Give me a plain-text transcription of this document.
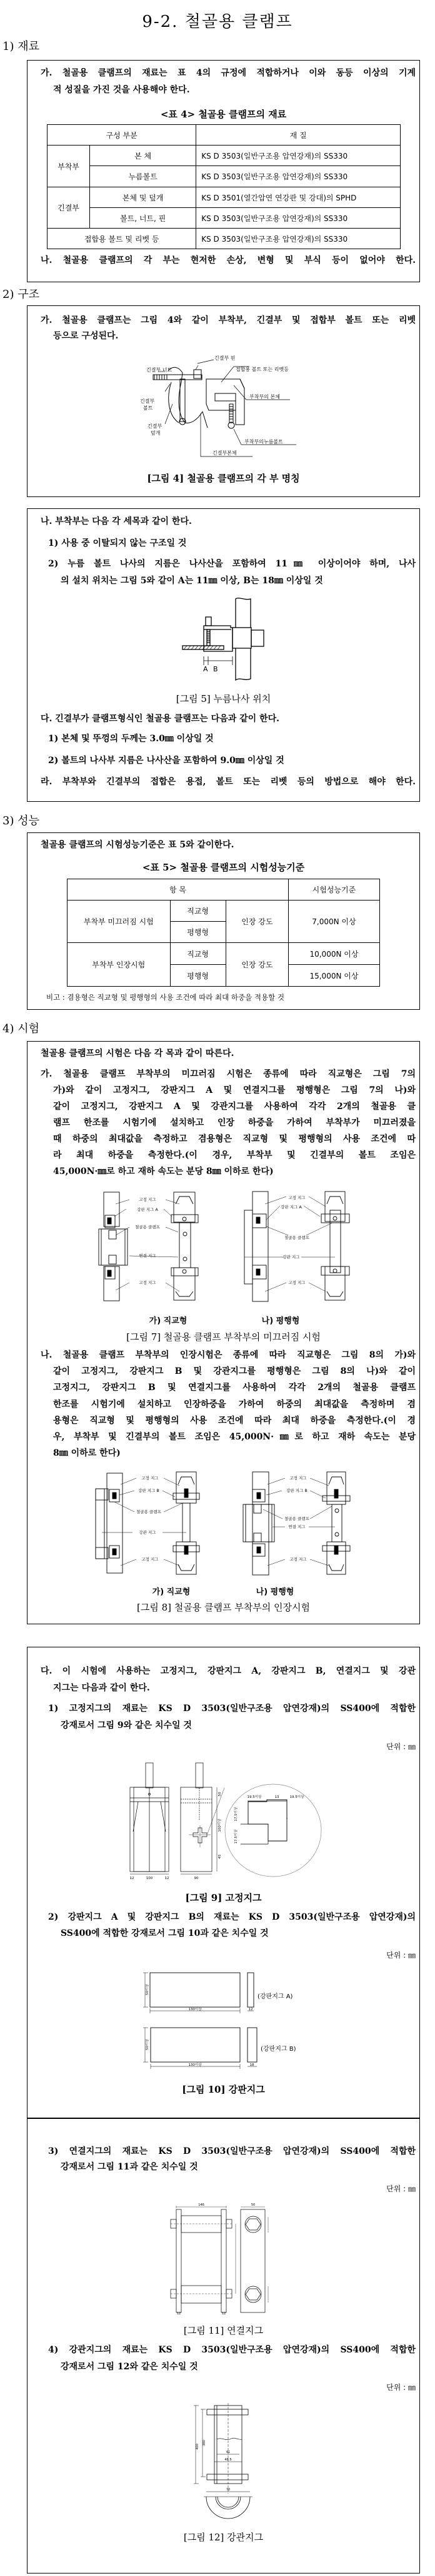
9-2. 철골용 클램프
1) 재료
2) 구조
3) 성능
4) 시험
가. 철골용 클램프의 재료는 표 4의 규정에 적합하거나 이와 동등 이상의 기계
적 성질을 가진 것을 사용해야 한다.
<표 4> 철골용 클램프의 재료
구성 부분		재 질
부착부	본 체	KS D 3503(일반구조용 압연강재)의 SS330
	누름볼트	KS D 3503(일반구조용 압연강재)의 SS330
긴결부	본체 및 덮개	KS D 3501(열간압연 연강판 및 강대)의 SPHD
	볼트, 너트, 핀	KS D 3503(일반구조용 압연강재)의 SS330
접합용 볼트 및 리벳 등		KS D 3503(일반구조용 압연강재)의 SS330
나. 철골용 클램프의 각 부는 현저한 손상, 변형 및 부식 등이 없어야 한다.
가. 철골용 클램프는 그림 4와 같이 부착부, 긴결부 및 접합부 볼트 또는 리벳
등으로 구성된다.
긴결부 핀
긴결부 너트	접합용 볼트 또는 리벳등
부착부의 본체
긴결부
볼트
긴결부
덮개
부착부의누름볼트
긴결부본체
[그림 4] 철골용 클램프의 각 부 명칭
나. 부착부는 다음 각 세목과 같이 한다.
1) 사용 중 이탈되지 않는 구조일 것
2) 누름 볼트 나사의 지름은 나사산을 포함하여 11㎜ 이상이어야 하며, 나사
의 설치 위치는 그림 5와 같이 A는 11㎜ 이상, B는 18㎜ 이상일 것
A B
[그림 5] 누름나사 위치
다. 긴결부가 클램프형식인 철골용 클램프는 다음과 같이 한다.
1) 본체 및 뚜껑의 두께는 3.0㎜ 이상일 것
2) 볼트의 나사부 지름은 나사산을 포함하여 9.0㎜ 이상일 것
라. 부착부와 긴결부의 접합은 용접, 볼트 또는 리벳 등의 방법으로 해야 한다.
철골용 클램프의 시험성능기준은 표 5와 같이한다.
<표 5> 철골용 클램프의 시험성능기준
항 목			시험성능기준
부착부 미끄러짐 시험	직교형	인장 강도	7,000N 이상
	평행형		
부착부 인장시험	직교형	인장 강도	10,000N 이상
	평행형		15,000N 이상
비고 : 겸용형은 직교형 및 평행형의 사용 조건에 따라 최대 하중을 적용할 것
철골용 클램프의 시험은 다음 각 목과 같이 따른다.
가. 철골용 클램프 부착부의 미끄러짐 시험은 종류에 따라 직교형은 그림 7의
가)와 같이 고정지그, 강판지그 A 및 연결지그를 평행형은 그림 7의 나)와
같이 고정지그, 강판지그 A 및 강관지그를 사용하여 각각 2개의 철골용 클
램프 한조를 시험기에 설치하고 인장 하중을 가하여 부착부가 미끄러졌을
때 하중의 최대값을 측정하고 겸용형은 직교형 및 평행형의 사용 조건에 따
라 최대 하중을 측정한다.(이 경우, 부착부 및 긴결부의 볼트 조임은
45,000N·㎜로 하고 재하 속도는 분당 8㎜ 이하로 한다)
고정 지그
강판 지그 A
철골용 클램프
연결 지그
고정 지그
고정 지그
강판 지그 A
철골용 클램프
강관 지그
고정 지그
가) 직교형	나) 평행형
[그림 7] 철골용 클램프 부착부의 미끄러짐 시험
나. 철골용 클램프 부착부의 인장시험은 종류에 따라 직교형은 그림 8의 가)와
같이 고정지그, 강판지그 B 및 강관지그를 평행형은 그림 8의 나)와 같이
고정지그, 강판지그 B 및 연결지그를 사용하여 각각 2개의 철골용 클램프
한조를 시험기에 설치하고 인장하중을 가하여 하중의 최대값을 측정하며 겸
용형은 직교형 및 평행형의 사용 조건에 따라 최대 하중을 측정한다.(이 경
우, 부착부 및 긴결부의 볼트 조임은 45,000N·㎜로 하고 재하 속도는 분당
8㎜ 이하로 한다)
고정 지그
강판 지그 B
철골용 클램프
강관 지그
고정 지그
고정 지그
강판 지그 B
철골용 클램프
연결 지그
고정 지그
가) 직교형	나) 평행형
[그림 8] 철골용 클램프 부착부의 인장시험
다. 이 시험에 사용하는 고정지그, 강판지그 A, 강판지그 B, 연결지그 및 강관
지그는 다음과 같이 한다.
1) 고정지그의 재료는 KS D 3503(일반구조용 압연강재)의 SS400에 적합한
강재로서 그림 9와 같은 치수일 것
단위 : ㎜
19.5이상	13	19.5이상
17.5이상
17.5이상
12	100	12
50
100이상
45
90
[그림 9] 고정지그
2) 강판지그 A 및 강판지그 B의 재료는 KS D 3503(일반구조용 압연강재)의
SS400에 적합한 강재로서 그림 10과 같은 치수일 것
단위 : ㎜
50이상
130이상	12
50이상
130이상	18
(강판지그 A)
(강판지그 B)
[그림 10] 강판지그
3) 연결지그의 재료는 KS D 3503(일반구조용 압연강재)의 SS400에 적합한
강재로서 그림 11과 같은 치수일 것
단위 : ㎜
146	50
12	12
[그림 11] 연결지그
4) 강관지그의 재료는 KS D 3503(일반구조용 압연강재)의 SS400에 적합한
강재로서 그림 12와 같은 치수일 것
단위 : ㎜
400
380
41
48.5
70
[그림 12] 강관지그
